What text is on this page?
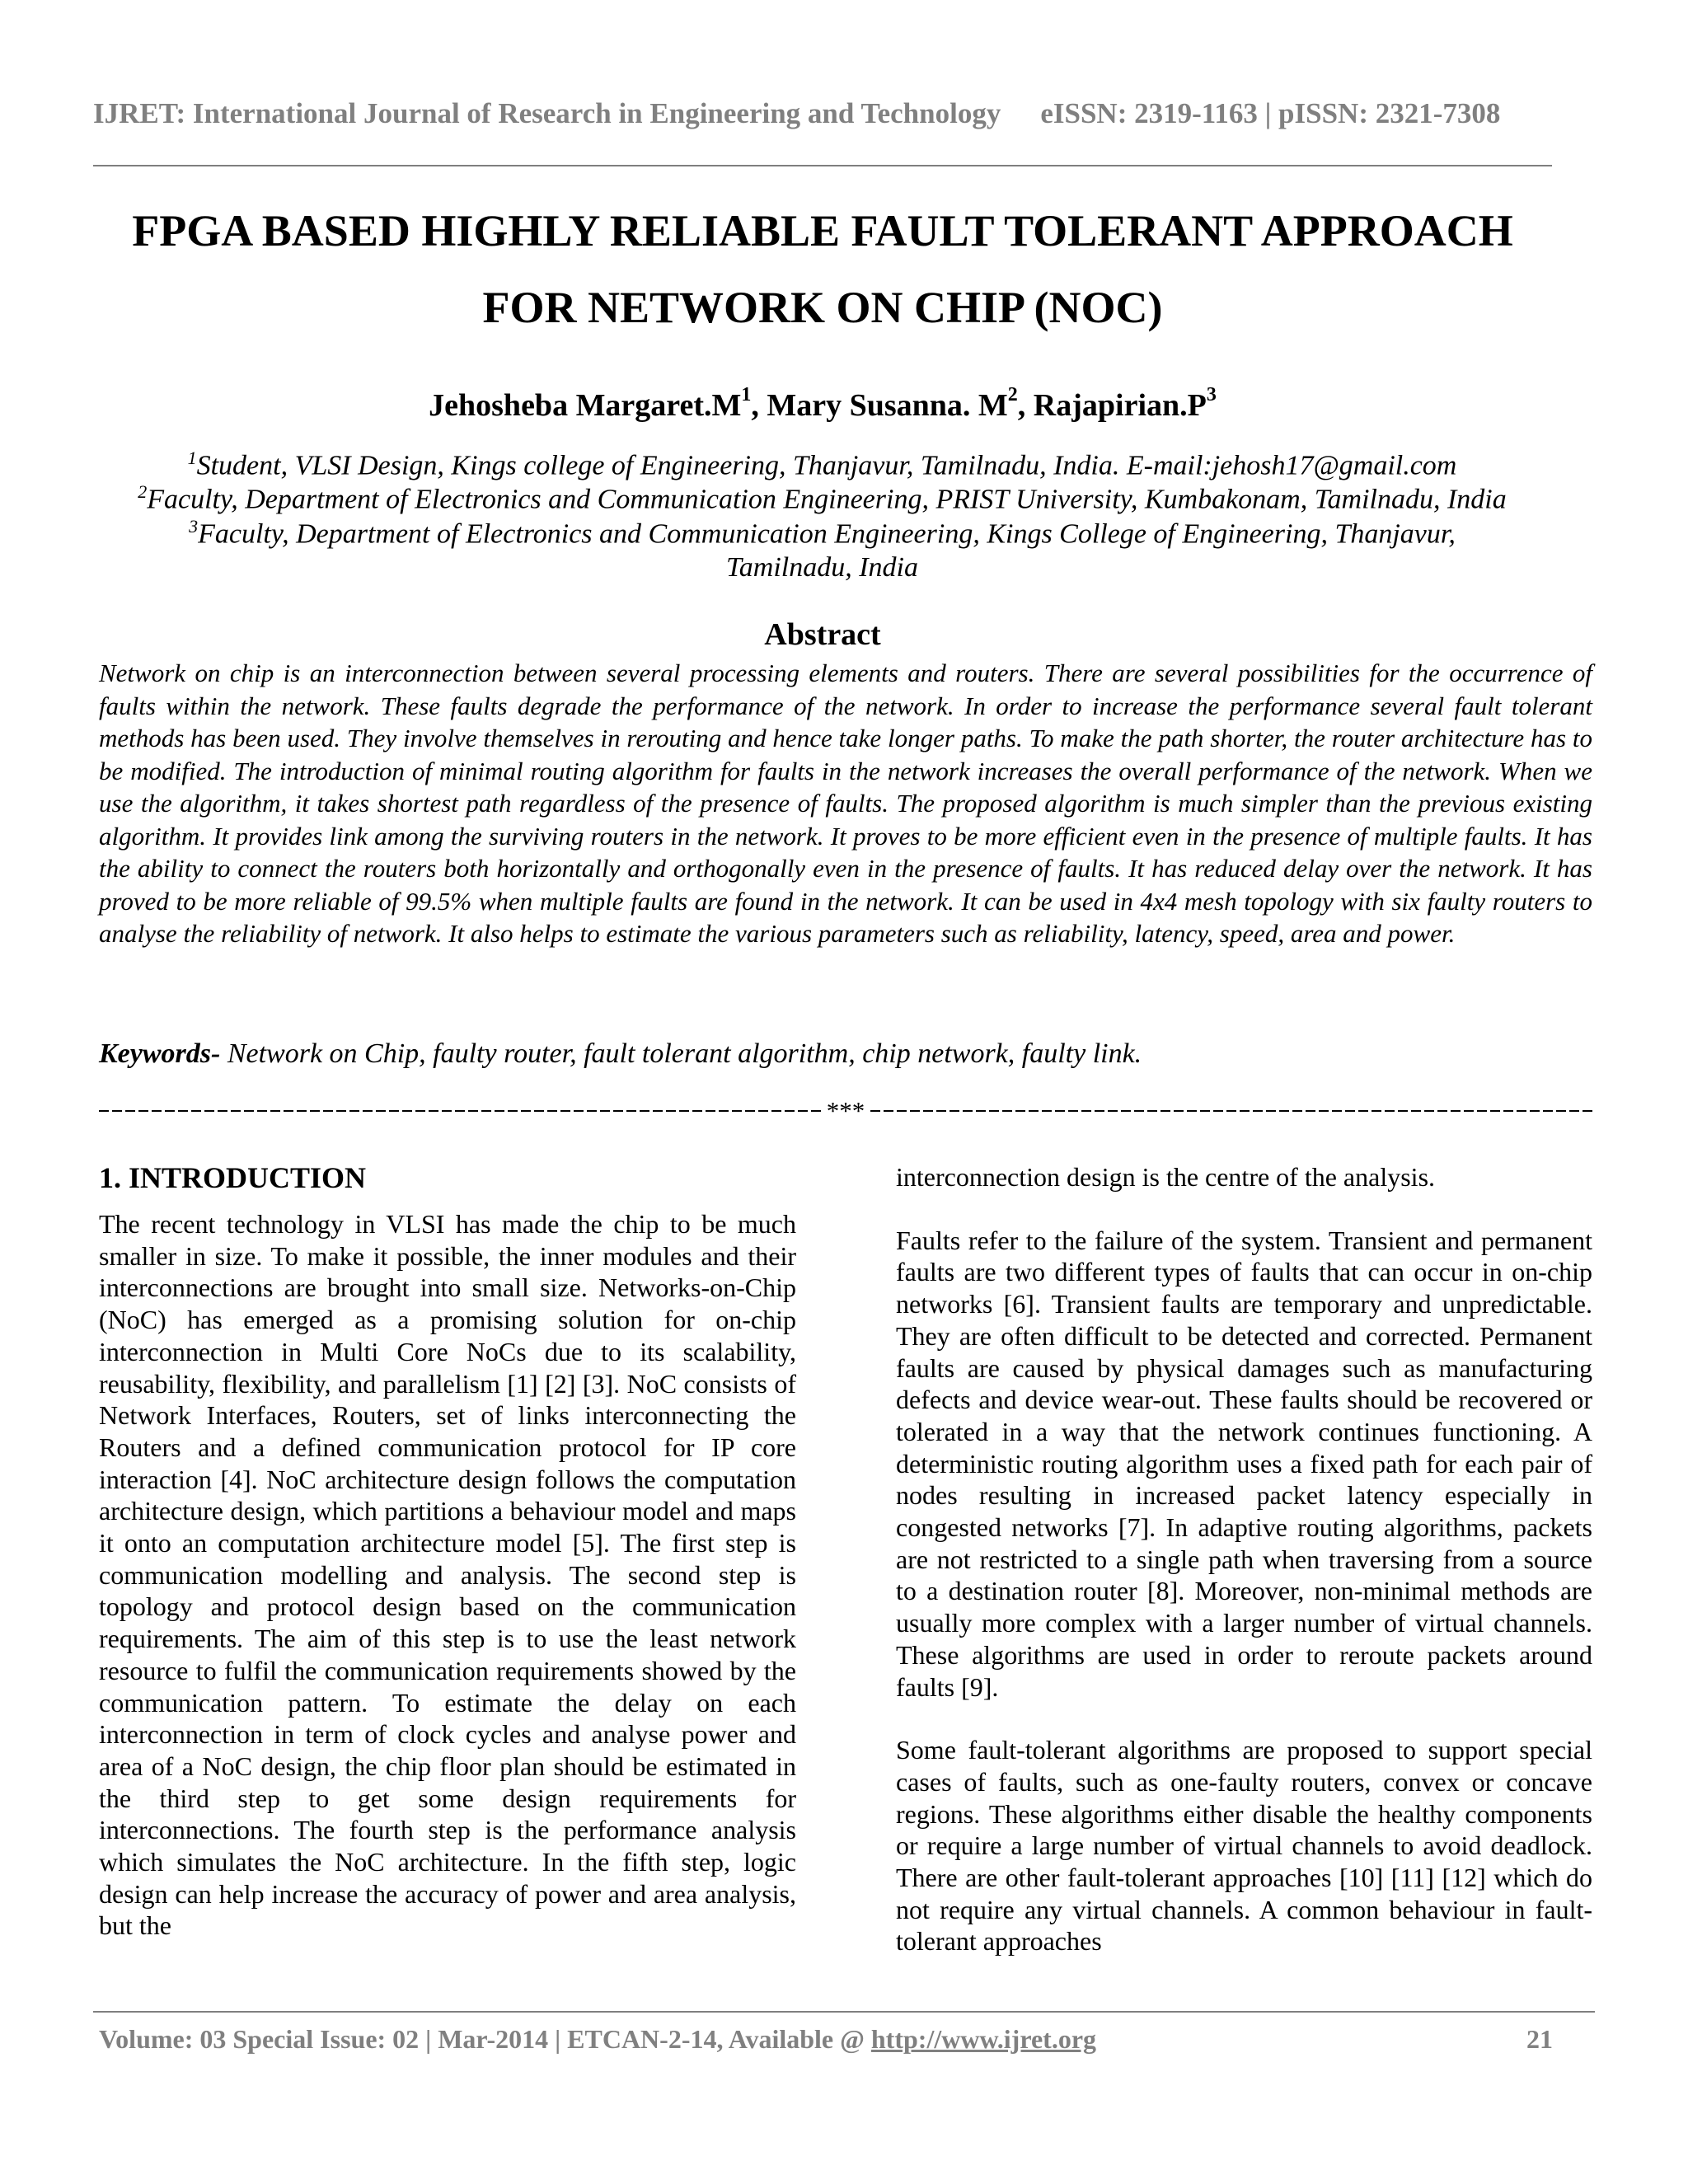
IJRET: International Journal of Research in Engineering and Technology eISSN: 2319-1163 | pISSN: 2321-7308
FPGA BASED HIGHLY RELIABLE FAULT TOLERANT APPROACH
FOR NETWORK ON CHIP (NOC)
Jehosheba $Margaret.M^1$, Mary Susanna. $M^2$, $Rajapirian.P^3$
$^1$Student, VLSI Design, Kings college of Engineering, Thanjavur, Tamilnadu, India. E-mail:jehosh17@gmail.com
$^2$Faculty, Department of Electronics and Communication Engineering, PRIST University, Kumbakonam, Tamilnadu, India
$^3$Faculty, Department of Electronics and Communication Engineering, Kings College of Engineering, Thanjavur,
Tamilnadu, India
Abstract
Network on chip is an interconnection between several processing elements and routers. There are several possibilities for the occurrence of faults within the network. These faults degrade the performance of the network. In order to increase the performance several fault tolerant methods has been used. They involve themselves in rerouting and hence take longer paths. To make the path shorter, the router architecture has to be modified. The introduction of minimal routing algorithm for faults in the network increases the overall performance of the network. When we use the algorithm, it takes shortest path regardless of the presence of faults. The proposed algorithm is much simpler than the previous existing algorithm. It provides link among the surviving routers in the network. It proves to be more efficient even in the presence of multiple faults. It has the ability to connect the routers both horizontally and orthogonally even in the presence of faults. It has reduced delay over the network. It has proved to be more reliable of 99.5% when multiple faults are found in the network. It can be used in 4x4 mesh topology with six faulty routers to analyse the reliability of network. It also helps to estimate the various parameters such as reliability, latency, speed, area and power.
Keywords- Network on Chip, faulty router, fault tolerant algorithm, chip network, faulty link.
***
1. INTRODUCTION

The recent technology in VLSI has made the chip to be much smaller in size. To make it possible, the inner modules and their interconnections are brought into small size. Networks-on-Chip (NoC) has emerged as a promising solution for on-chip interconnection in Multi Core NoCs due to its scalability, reusability, flexibility, and parallelism [1] [2] [3]. NoC consists of Network Interfaces, Routers, set of links interconnecting the Routers and a defined communication protocol for IP core interaction [4]. NoC architecture design follows the computation architecture design, which partitions a behaviour model and maps it onto an computation architecture model [5]. The first step is communication modelling and analysis. The second step is topology and protocol design based on the communication requirements. The aim of this step is to use the least network resource to fulfil the communication requirements showed by the communication pattern. To estimate the delay on each interconnection in term of clock cycles and analyse power and area of a NoC design, the chip floor plan should be estimated in the third step to get some design requirements for interconnections. The fourth step is the performance analysis which simulates the NoC architecture. In the fifth step, logic design can help increase the accuracy of power and area analysis, but the

interconnection design is the centre of the analysis.

Faults refer to the failure of the system. Transient and permanent faults are two different types of faults that can occur in on-chip networks [6]. Transient faults are temporary and unpredictable. They are often difficult to be detected and corrected. Permanent faults are caused by physical damages such as manufacturing defects and device wear-out. These faults should be recovered or tolerated in a way that the network continues functioning. A deterministic routing algorithm uses a fixed path for each pair of nodes resulting in increased packet latency especially in congested networks [7]. In adaptive routing algorithms, packets are not restricted to a single path when traversing from a source to a destination router [8]. Moreover, non-minimal methods are usually more complex with a larger number of virtual channels. These algorithms are used in order to reroute packets around faults [9].

Some fault-tolerant algorithms are proposed to support special cases of faults, such as one-faulty routers, convex or concave regions. These algorithms either disable the healthy components or require a large number of virtual channels to avoid deadlock. There are other fault-tolerant approaches [10] [11] [12] which do not require any virtual channels. A common behaviour in fault-tolerant approaches

Volume: 03 Special Issue: 02 | Mar-2014 | ETCAN-2-14, Available @ http://www.ijret.org	21
